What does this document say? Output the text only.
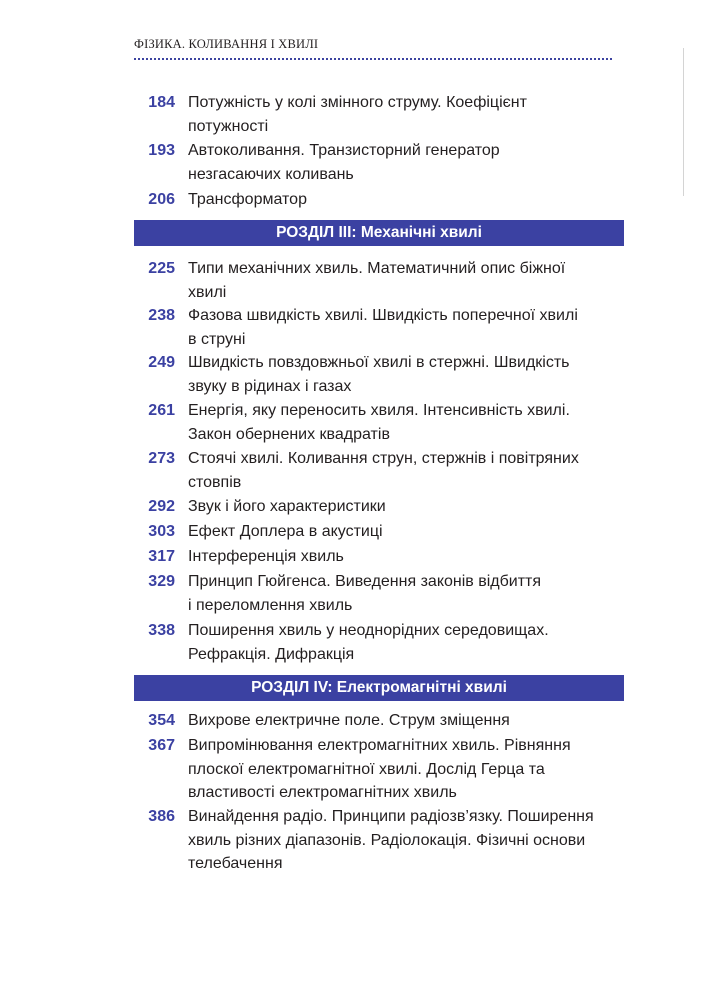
ФІЗИКА. КОЛИВАННЯ І ХВИЛІ
184 Потужність у колі змінного струму. Коефіцієнт
потужності
193 Автоколивання. Транзисторний генератор
незгасаючих коливань
206 Трансформатор
РОЗДІЛ III: Механічні хвилі
225 Типи механічних хвиль. Математичний опис біжної
хвилі
238 Фазова швидкість хвилі. Швидкість поперечної хвилі
в струні
249 Швидкість повздовжньої хвилі в стержні. Швидкість
звуку в рідинах і газах
261 Енергія, яку переносить хвиля. Інтенсивність хвилі.
Закон обернених квадратів
273 Стоячі хвилі. Коливання струн, стержнів і повітряних
стовпів
292 Звук і його характеристики
303 Ефект Доплера в акустиці
317 Інтерференція хвиль
329 Принцип Гюйгенса. Виведення законів відбиття
і переломлення хвиль
338 Поширення хвиль у неоднорідних середовищах.
Рефракція. Дифракція
РОЗДІЛ IV: Електромагнітні хвилі
354 Вихрове електричне поле. Струм зміщення
367 Випромінювання електромагнітних хвиль. Рівняння
плоскої електромагнітної хвилі. Дослід Герца та
властивості електромагнітних хвиль
386 Винайдення радіо. Принципи радіозв’язку. Поширення
хвиль різних діапазонів. Радіолокація. Фізичні основи
телебачення
